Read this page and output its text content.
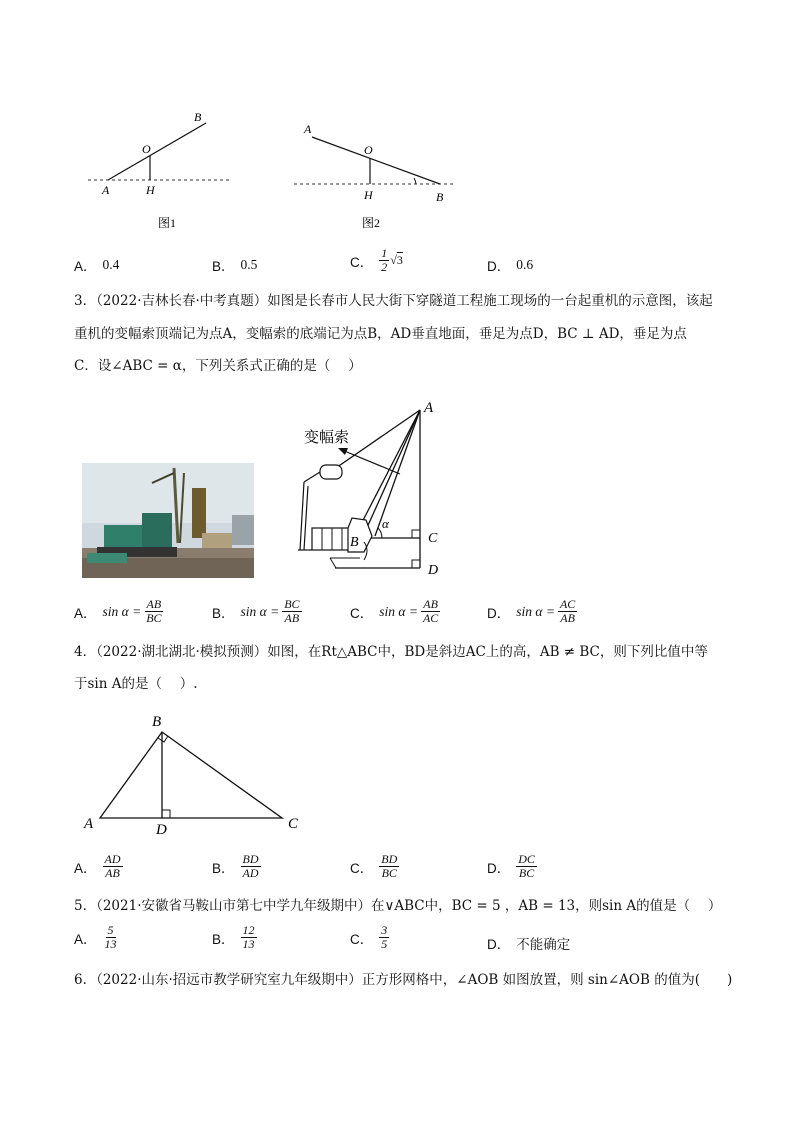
B
O
A	H
图1
A
O
H	B
图2
A． 0.4	B． 0.5	C． $\frac{1}{2} √3$	D． 0.6
3．（2022·吉林长春·中考真题）如图是长春市人民大街下穿隧道工程施工现场的一台起重机的示意图，该起
重机的变幅索顶端记为点A，变幅索的底端记为点B，AD垂直地面，垂足为点D，BC ⊥ AD，垂足为点
C．设∠ABC = α，下列关系式正确的是（　 ）
A
B	C
D
α
变幅索
A． $\sin \alpha = \frac{AB}{BC}$	B． $\sin \alpha = \frac{BC}{AB}$	C． $\sin \alpha = \frac{AB}{AC}$	D． $\sin \alpha = \frac{AC}{AB}$
4．（2022·湖北湖北·模拟预测）如图，在Rt△ABC中，BD是斜边AC上的高，AB ≠ BC，则下列比值中等
于sin A的是（　 ）.
B
A	D	C
A． $\frac{AD}{AB}$	B． $\frac{BD}{AD}$	C． $\frac{BD}{BC}$	D． $\frac{DC}{BC}$
5．（2021·安徽省马鞍山市第七中学九年级期中）在∨ABC中，BC = 5 ，AB = 13，则sin A的值是（　 ）
A． $\frac{5}{13}$	B． $\frac{12}{13}$	C． $\frac{3}{5}$	D． 不能确定
6．（2022·山东·招远市教学研究室九年级期中）正方形网格中，∠AOB 如图放置，则 sin∠AOB 的值为(　　)
